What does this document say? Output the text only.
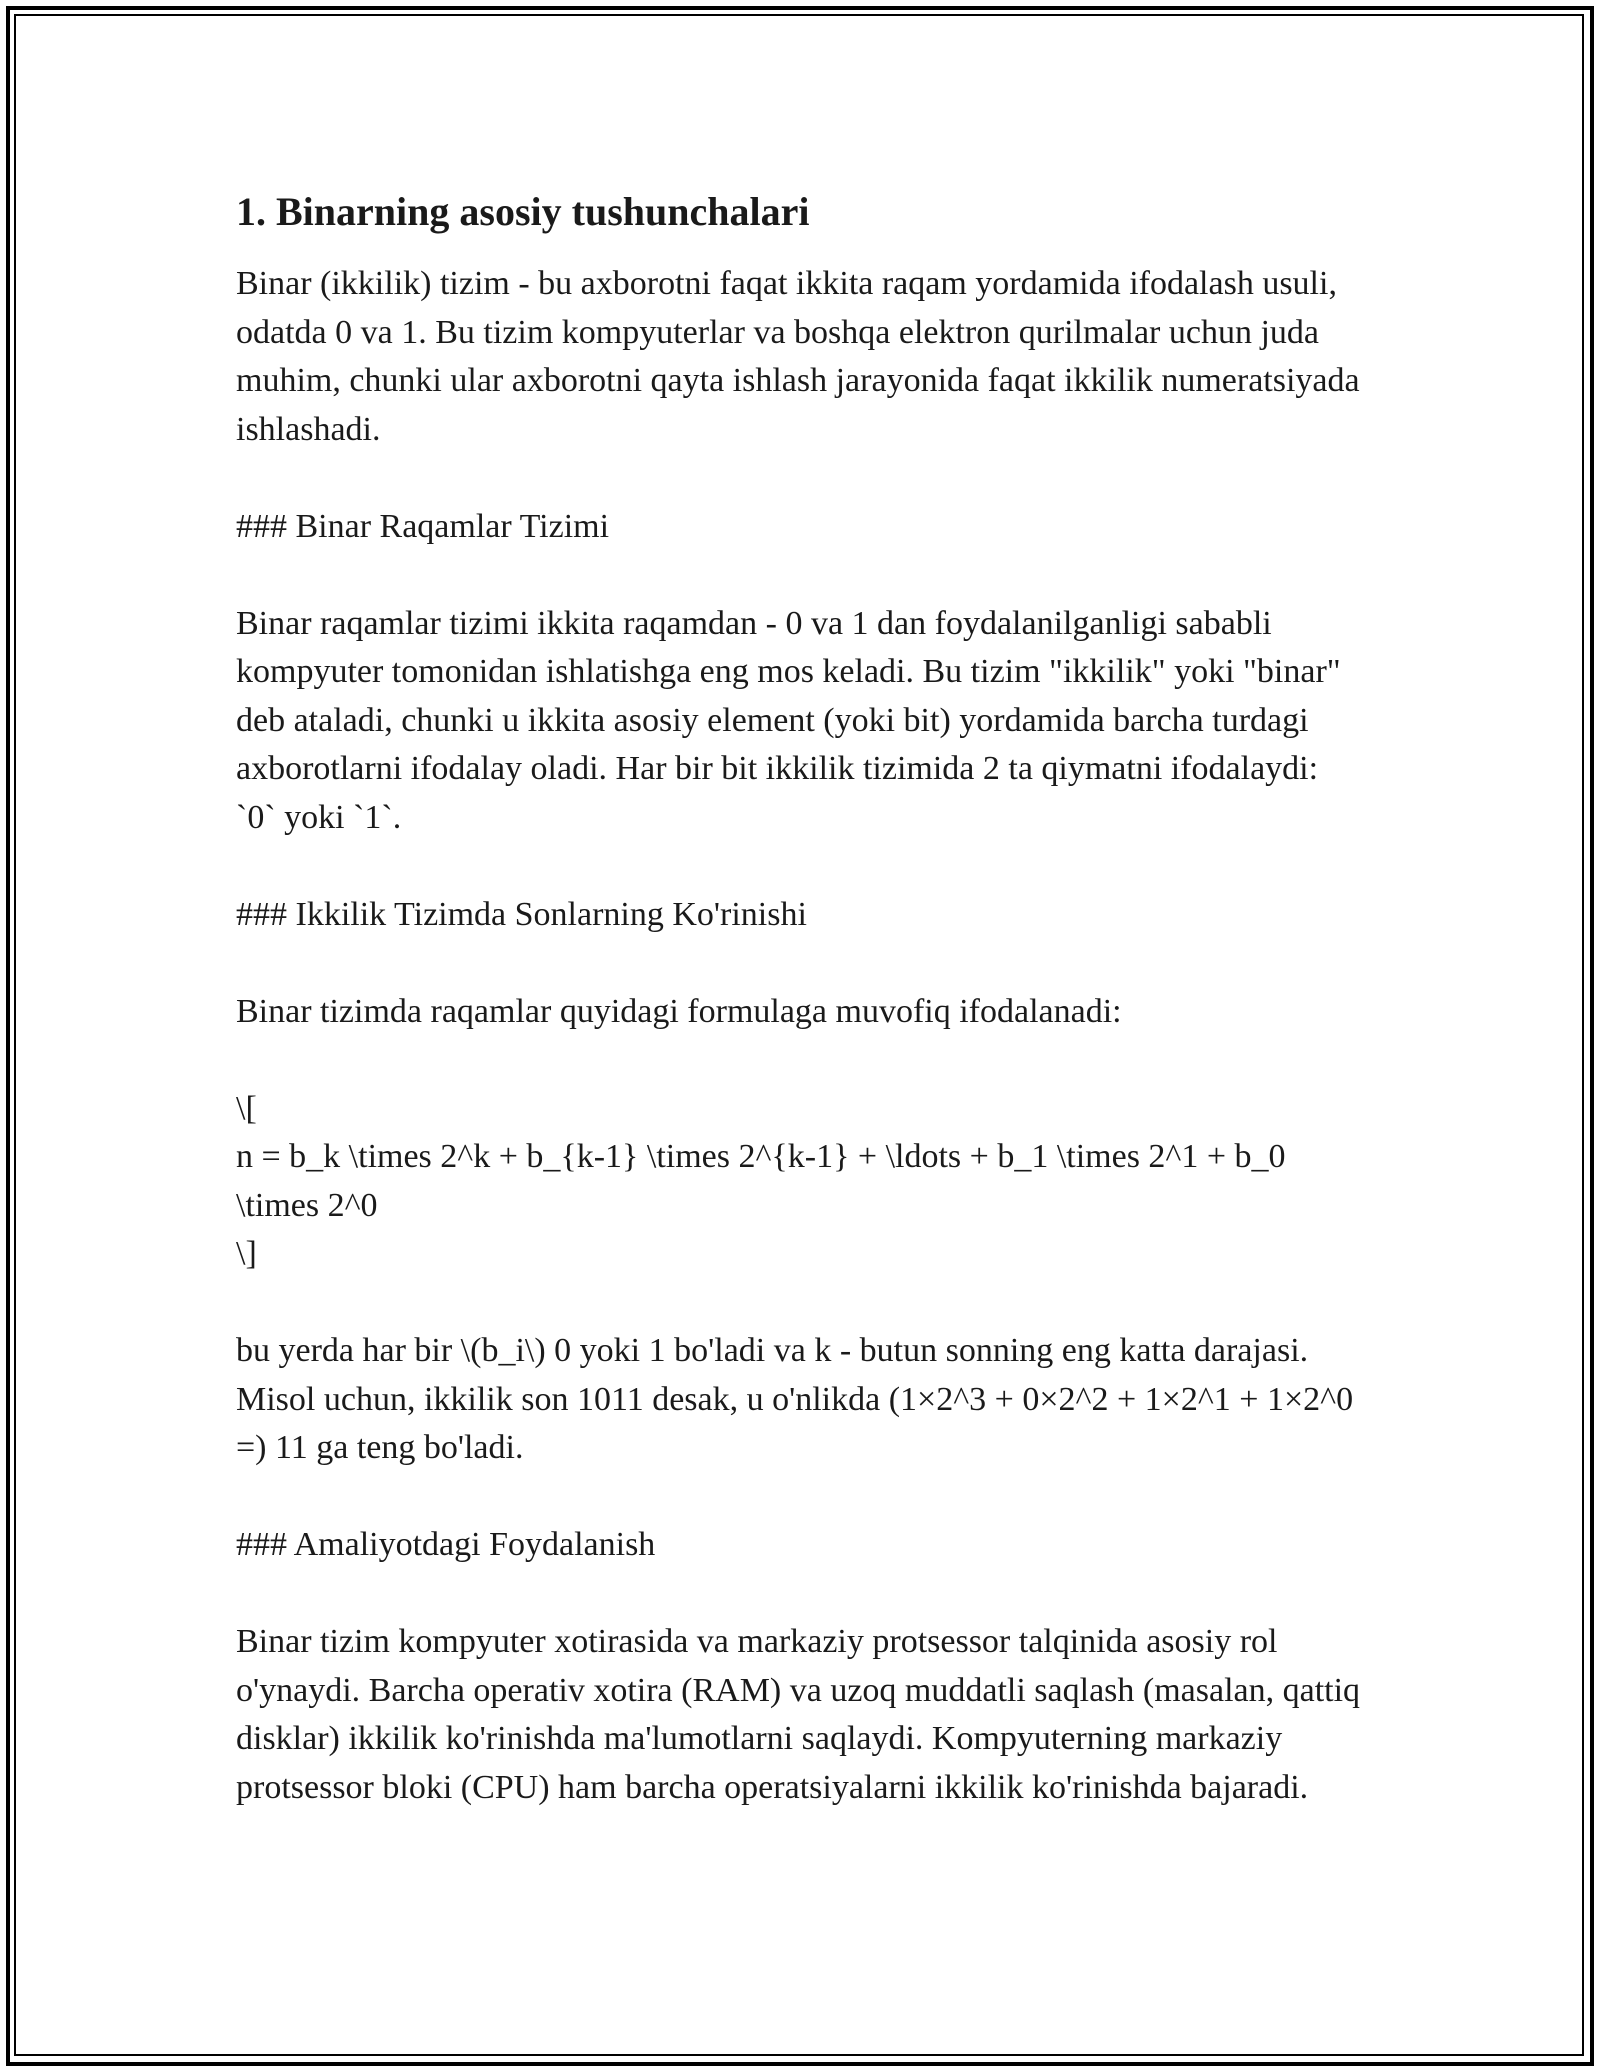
1. Binarning asosiy tushunchalari

Binar (ikkilik) tizim - bu axborotni faqat ikkita raqam yordamida ifodalash usuli, odatda 0 va 1. Bu tizim kompyuterlar va boshqa elektron qurilmalar uchun juda muhim, chunki ular axborotni qayta ishlash jarayonida faqat ikkilik numeratsiyada ishlashadi.

### Binar Raqamlar Tizimi

Binar raqamlar tizimi ikkita raqamdan - 0 va 1 dan foydalanilganligi sababli kompyuter tomonidan ishlatishga eng mos keladi. Bu tizim "ikkilik" yoki "binar" deb ataladi, chunki u ikkita asosiy element (yoki bit) yordamida barcha turdagi axborotlarni ifodalay oladi. Har bir bit ikkilik tizimida 2 ta qiymatni ifodalaydi: `0` yoki `1`.

### Ikkilik Tizimda Sonlarning Ko'rinishi

Binar tizimda raqamlar quyidagi formulaga muvofiq ifodalanadi:

\[
n = b_k \times 2^k + b_{k-1} \times 2^{k-1} + \ldots + b_1 \times 2^1 + b_0 \times 2^0
\]

bu yerda har bir \(b_i\) 0 yoki 1 bo'ladi va k - butun sonning eng katta darajasi. Misol uchun, ikkilik son 1011 desak, u o'nlikda (1×2^3 + 0×2^2 + 1×2^1 + 1×2^0 =) 11 ga teng bo'ladi.

### Amaliyotdagi Foydalanish

Binar tizim kompyuter xotirasida va markaziy protsessor talqinida asosiy rol o'ynaydi. Barcha operativ xotira (RAM) va uzoq muddatli saqlash (masalan, qattiq disklar) ikkilik ko'rinishda ma'lumotlarni saqlaydi. Kompyuterning markaziy protsessor bloki (CPU) ham barcha operatsiyalarni ikkilik ko'rinishda bajaradi.
